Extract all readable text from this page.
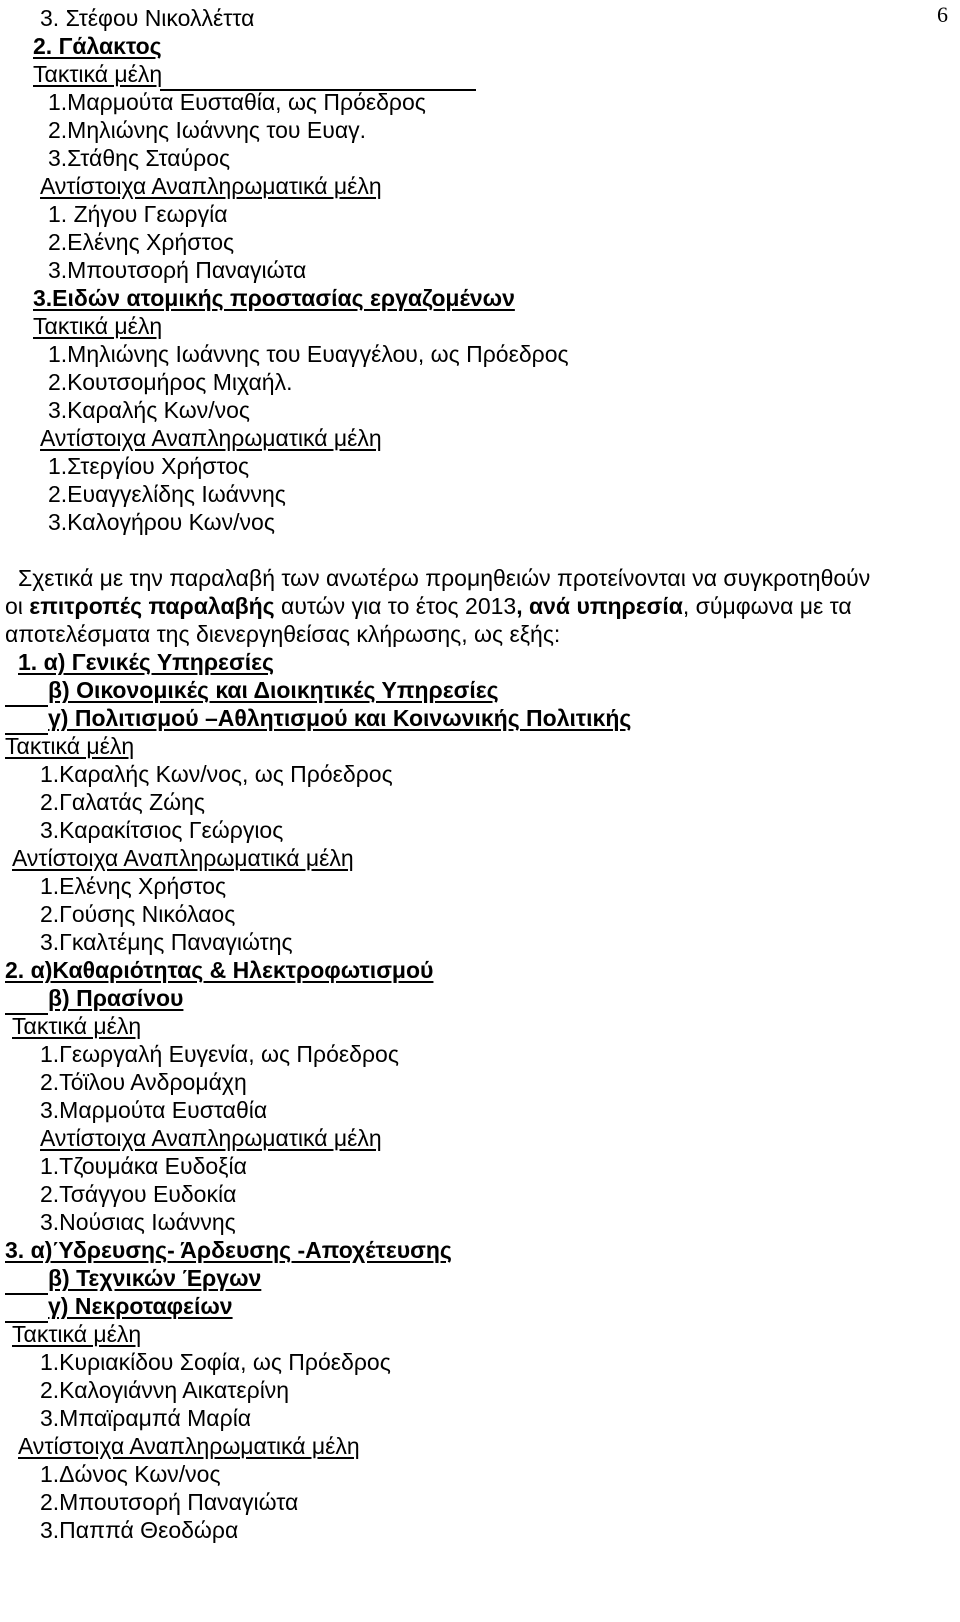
6
3. Στέφου Νικολλέττα
2. Γάλακτος
Τακτικά μέλη
1.Μαρμούτα Ευσταθία, ως Πρόεδρος
2.Μηλιώνης Ιωάννης του Ευαγ.
3.Στάθης Σταύρος
Αντίστοιχα Αναπληρωματικά μέλη
1. Ζήγου Γεωργία
2.Ελένης Χρήστος
3.Μπουτσορή Παναγιώτα
3.Ειδών ατομικής προστασίας εργαζομένων
Τακτικά μέλη
1.Μηλιώνης Ιωάννης του Ευαγγέλου, ως Πρόεδρος
2.Κουτσομήρος Μιχαήλ.
3.Καραλής Κων/νος
Αντίστοιχα Αναπληρωματικά μέλη
1.Στεργίου Χρήστος
2.Ευαγγελίδης Ιωάννης
3.Καλογήρου Κων/νος
Σχετικά με την παραλαβή των ανωτέρω προμηθειών προτείνονται να συγκροτηθούν
οι επιτροπές παραλαβής αυτών για το έτος 2013, ανά υπηρεσία, σύμφωνα με τα
αποτελέσματα της διενεργηθείσας κλήρωσης, ως εξής:
1. α) Γενικές Υπηρεσίες
β) Οικονομικές και Διοικητικές Υπηρεσίες
γ) Πολιτισμού –Αθλητισμού και Κοινωνικής Πολιτικής
Τακτικά μέλη
1.Καραλής Κων/νος, ως Πρόεδρος
2.Γαλατάς Ζώης
3.Καρακίτσιος Γεώργιος
Αντίστοιχα Αναπληρωματικά μέλη
1.Ελένης Χρήστος
2.Γούσης Νικόλαος
3.Γκαλτέμης Παναγιώτης
2. α)Καθαριότητας & Ηλεκτροφωτισμού
β) Πρασίνου
Τακτικά μέλη
1.Γεωργαλή Ευγενία, ως Πρόεδρος
2.Τόϊλου Ανδρομάχη
3.Μαρμούτα Ευσταθία
Αντίστοιχα Αναπληρωματικά μέλη
1.Τζουμάκα Ευδοξία
2.Τσάγγου Ευδοκία
3.Νούσιας Ιωάννης
3. α)Ύδρευσης- Άρδευσης -Αποχέτευσης
β) Τεχνικών Έργων
γ) Νεκροταφείων
Τακτικά μέλη
1.Κυριακίδου Σοφία, ως Πρόεδρος
2.Καλογιάννη Αικατερίνη
3.Μπαϊραμπά Μαρία
Αντίστοιχα Αναπληρωματικά μέλη
1.Δώνος Κων/νος
2.Μπουτσορή Παναγιώτα
3.Παππά Θεοδώρα
